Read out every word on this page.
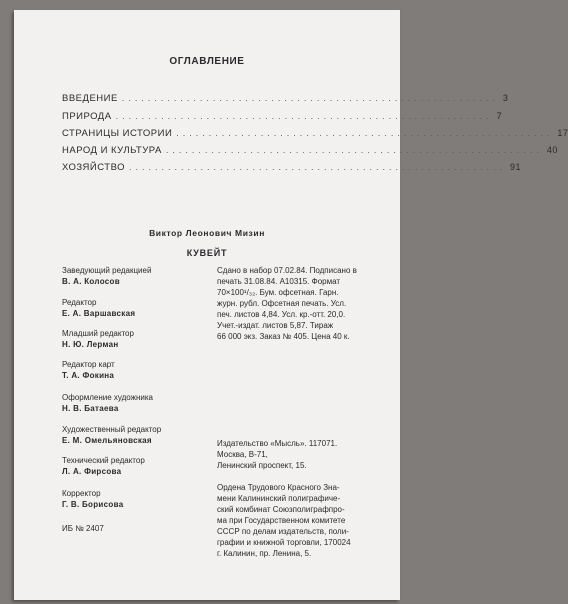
ОГЛАВЛЕНИЕ
ВВЕДЕНИЕ .......................................................... 3
ПРИРОДА .......................................................... 7
СТРАНИЦЫ ИСТОРИИ .......................................................... 17
НАРОД И КУЛЬТУРА .......................................................... 40
ХОЗЯЙСТВО .......................................................... 91
Виктор Леонович Мизин
КУВЕЙТ
Заведующий редакцией
В. А. Колосов
Редактор
Е. А. Варшавская
Младший редактор
Н. Ю. Лерман
Редактор карт
Т. А. Фокина
Оформление художника
Н. В. Батаева
Художественный редактор
Е. М. Омельяновская
Технический редактор
Л. А. Фирсова
Корректор
Г. В. Борисова
ИБ № 2407
Сдано в набор 07.02.84. Подписано в
печать 31.08.84. А10315. Формат
70×100¹/₃₂. Бум. офсетная. Гарн.
журн. рубл. Офсетная печать. Усл.
печ. листов 4,84. Усл. кр.-отт. 20,0.
Учет.-издат. листов 5,87. Тираж
66 000 экз. Заказ № 405. Цена 40 к.
Издательство «Мысль». 117071.
Москва, В-71,
Ленинский проспект, 15.
Ордена Трудового Красного Зна-
мени Калининский полиграфиче-
ский комбинат Союзполиграфпро-
ма при Государственном комитете
СССР по делам издательств, поли-
графии и книжной торговли, 170024
г. Калинин, пр. Ленина, 5.
